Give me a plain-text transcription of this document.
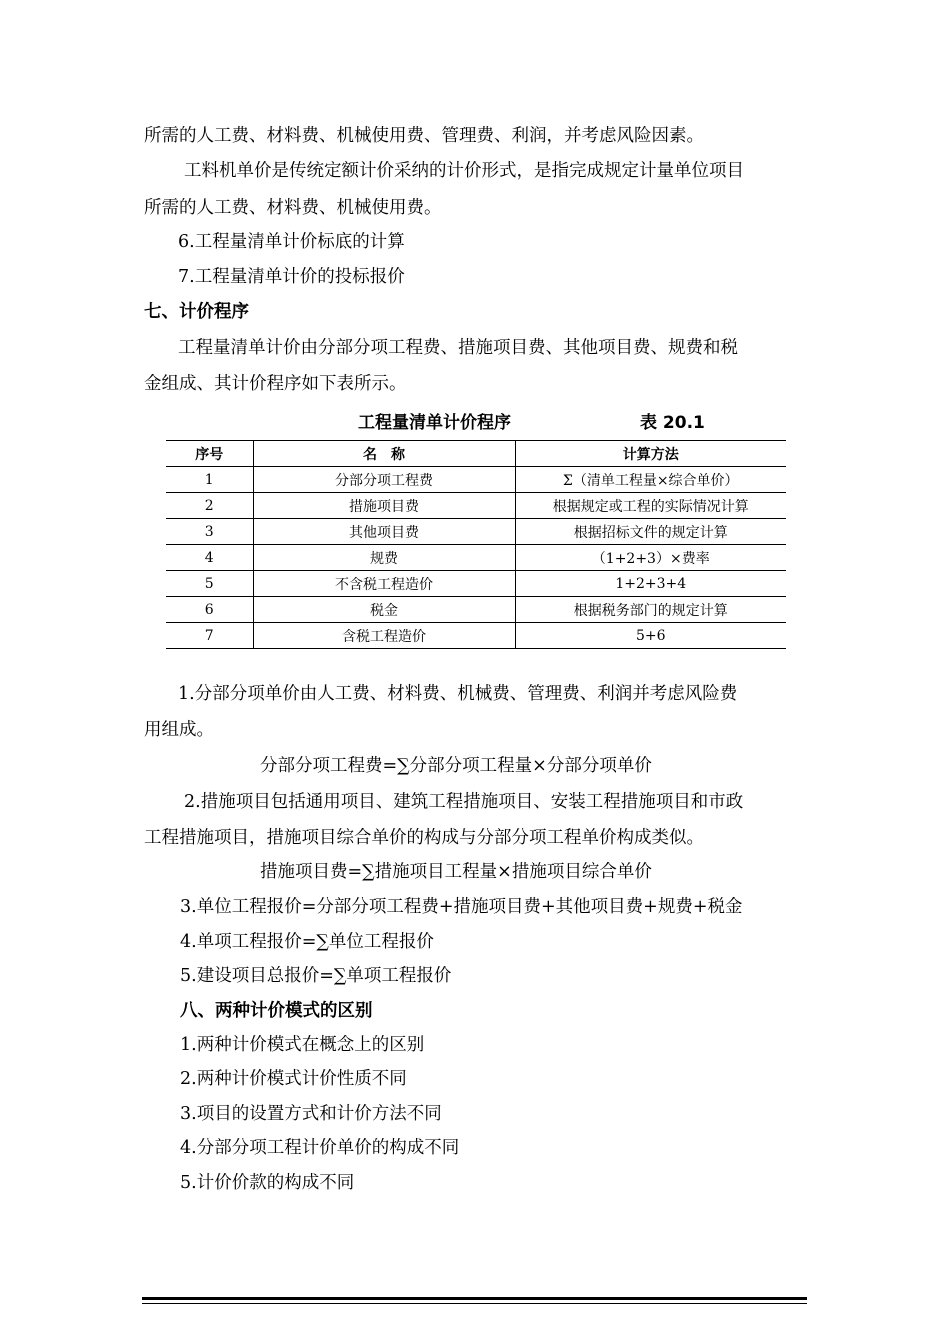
所需的人工费、材料费、机械使用费、管理费、利润，并考虑风险因素。
工料机单价是传统定额计价采纳的计价形式，是指完成规定计量单位项目
所需的人工费、材料费、机械使用费。
6.工程量清单计价标底的计算
7.工程量清单计价的投标报价
七、计价程序
工程量清单计价由分部分项工程费、措施项目费、其他项目费、规费和税
金组成、其计价程序如下表所示。
工程量清单计价程序	表 20.1
序号	名　称	计算方法
1	分部分项工程费	Σ（清单工程量×综合单价）
2	措施项目费	根据规定或工程的实际情况计算
3	其他项目费	根据招标文件的规定计算
4	规费	（1+2+3）×费率
5	不含税工程造价	1+2+3+4
6	税金	根据税务部门的规定计算
7	含税工程造价	5+6
1.分部分项单价由人工费、材料费、机械费、管理费、利润并考虑风险费
用组成。
分部分项工程费=∑分部分项工程量×分部分项单价
2.措施项目包括通用项目、建筑工程措施项目、安装工程措施项目和市政
工程措施项目，措施项目综合单价的构成与分部分项工程单价构成类似。
措施项目费=∑措施项目工程量×措施项目综合单价
3.单位工程报价=分部分项工程费+措施项目费+其他项目费+规费+税金
4.单项工程报价=∑单位工程报价
5.建设项目总报价=∑单项工程报价
八、两种计价模式的区别
1.两种计价模式在概念上的区别
2.两种计价模式计价性质不同
3.项目的设置方式和计价方法不同
4.分部分项工程计价单价的构成不同
5.计价价款的构成不同
